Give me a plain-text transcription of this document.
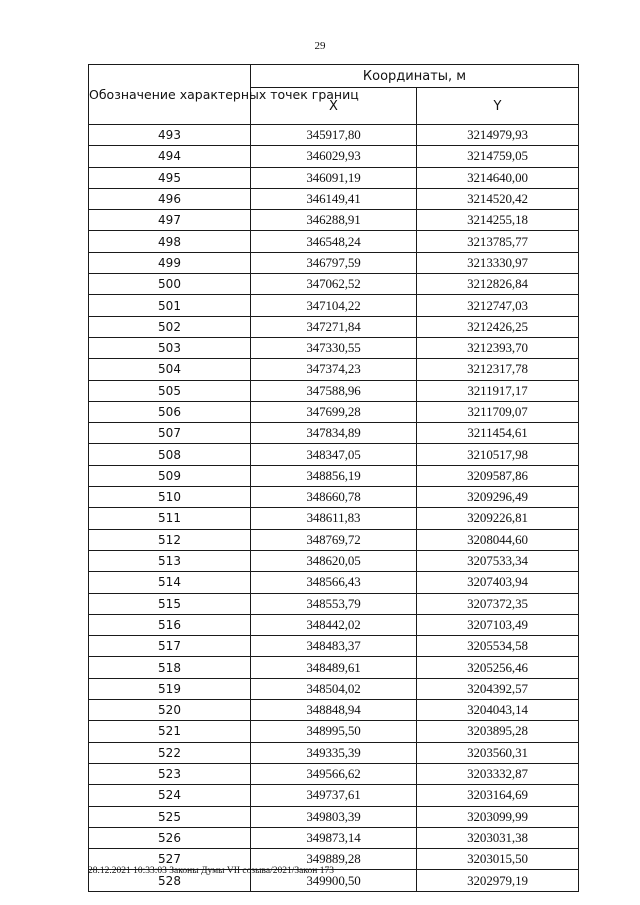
29
Обозначение характерных точек границ	Координаты, м	
	X	Y
493	345917,80	3214979,93
494	346029,93	3214759,05
495	346091,19	3214640,00
496	346149,41	3214520,42
497	346288,91	3214255,18
498	346548,24	3213785,77
499	346797,59	3213330,97
500	347062,52	3212826,84
501	347104,22	3212747,03
502	347271,84	3212426,25
503	347330,55	3212393,70
504	347374,23	3212317,78
505	347588,96	3211917,17
506	347699,28	3211709,07
507	347834,89	3211454,61
508	348347,05	3210517,98
509	348856,19	3209587,86
510	348660,78	3209296,49
511	348611,83	3209226,81
512	348769,72	3208044,60
513	348620,05	3207533,34
514	348566,43	3207403,94
515	348553,79	3207372,35
516	348442,02	3207103,49
517	348483,37	3205534,58
518	348489,61	3205256,46
519	348504,02	3204392,57
520	348848,94	3204043,14
521	348995,50	3203895,28
522	349335,39	3203560,31
523	349566,62	3203332,87
524	349737,61	3203164,69
525	349803,39	3203099,99
526	349873,14	3203031,38
527	349889,28	3203015,50
528	349900,50	3202979,19
28.12.2021 10:33:03 Законы Думы VII созыва/2021/Закон 173
